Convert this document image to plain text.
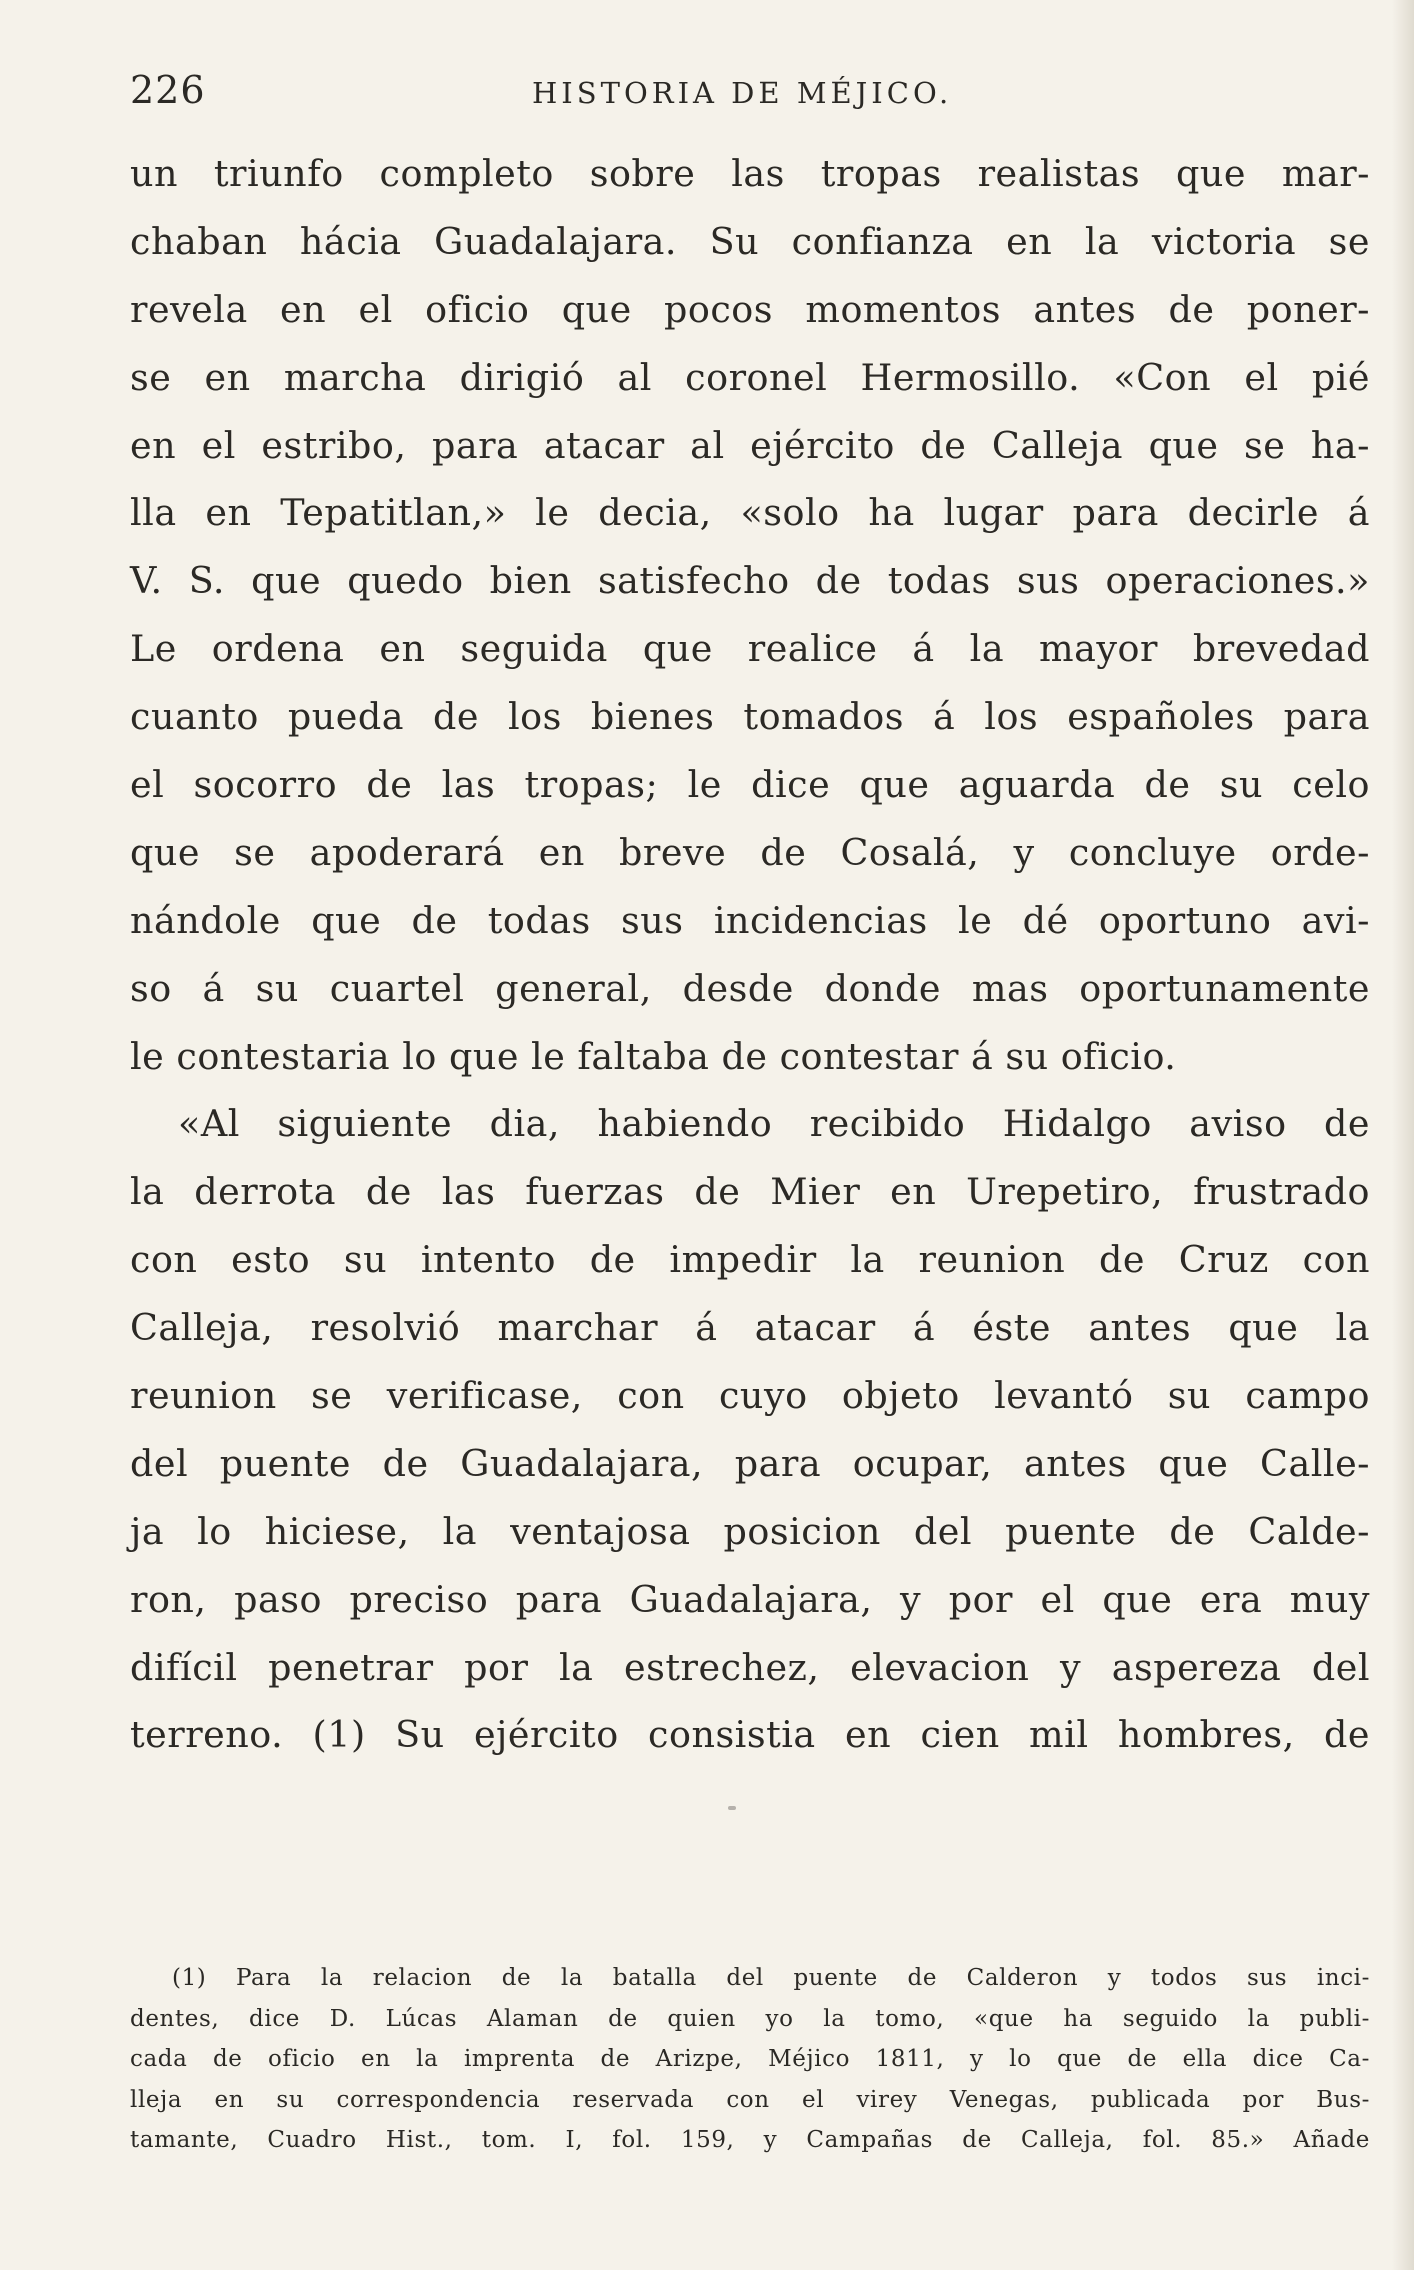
226	HISTORIA DE MÉJICO.
un triunfo completo sobre las tropas realistas que mar-
chaban hácia Guadalajara. Su confianza en la victoria se
revela en el oficio que pocos momentos antes de poner-
se en marcha dirigió al coronel Hermosillo. «Con el pié
en el estribo, para atacar al ejército de Calleja que se ha-
lla en Tepatitlan,» le decia, «solo ha lugar para decirle á
V. S. que quedo bien satisfecho de todas sus operaciones.»
Le ordena en seguida que realice á la mayor brevedad
cuanto pueda de los bienes tomados á los españoles para
el socorro de las tropas; le dice que aguarda de su celo
que se apoderará en breve de Cosalá, y concluye orde-
nándole que de todas sus incidencias le dé oportuno avi-
so á su cuartel general, desde donde mas oportunamente
le contestaria lo que le faltaba de contestar á su oficio.
«Al siguiente dia, habiendo recibido Hidalgo aviso de
la derrota de las fuerzas de Mier en Urepetiro, frustrado
con esto su intento de impedir la reunion de Cruz con
Calleja, resolvió marchar á atacar á éste antes que la
reunion se verificase, con cuyo objeto levantó su campo
del puente de Guadalajara, para ocupar, antes que Calle-
ja lo hiciese, la ventajosa posicion del puente de Calde-
ron, paso preciso para Guadalajara, y por el que era muy
difícil penetrar por la estrechez, elevacion y aspereza del
terreno. (1) Su ejército consistia en cien mil hombres, de
(1) Para la relacion de la batalla del puente de Calderon y todos sus inci-
dentes, dice D. Lúcas Alaman de quien yo la tomo, «que ha seguido la publi-
cada de oficio en la imprenta de Arizpe, Méjico 1811, y lo que de ella dice Ca-
lleja en su correspondencia reservada con el virey Venegas, publicada por Bus-
tamante, Cuadro Hist., tom. I, fol. 159, y Campañas de Calleja, fol. 85.» Añade
